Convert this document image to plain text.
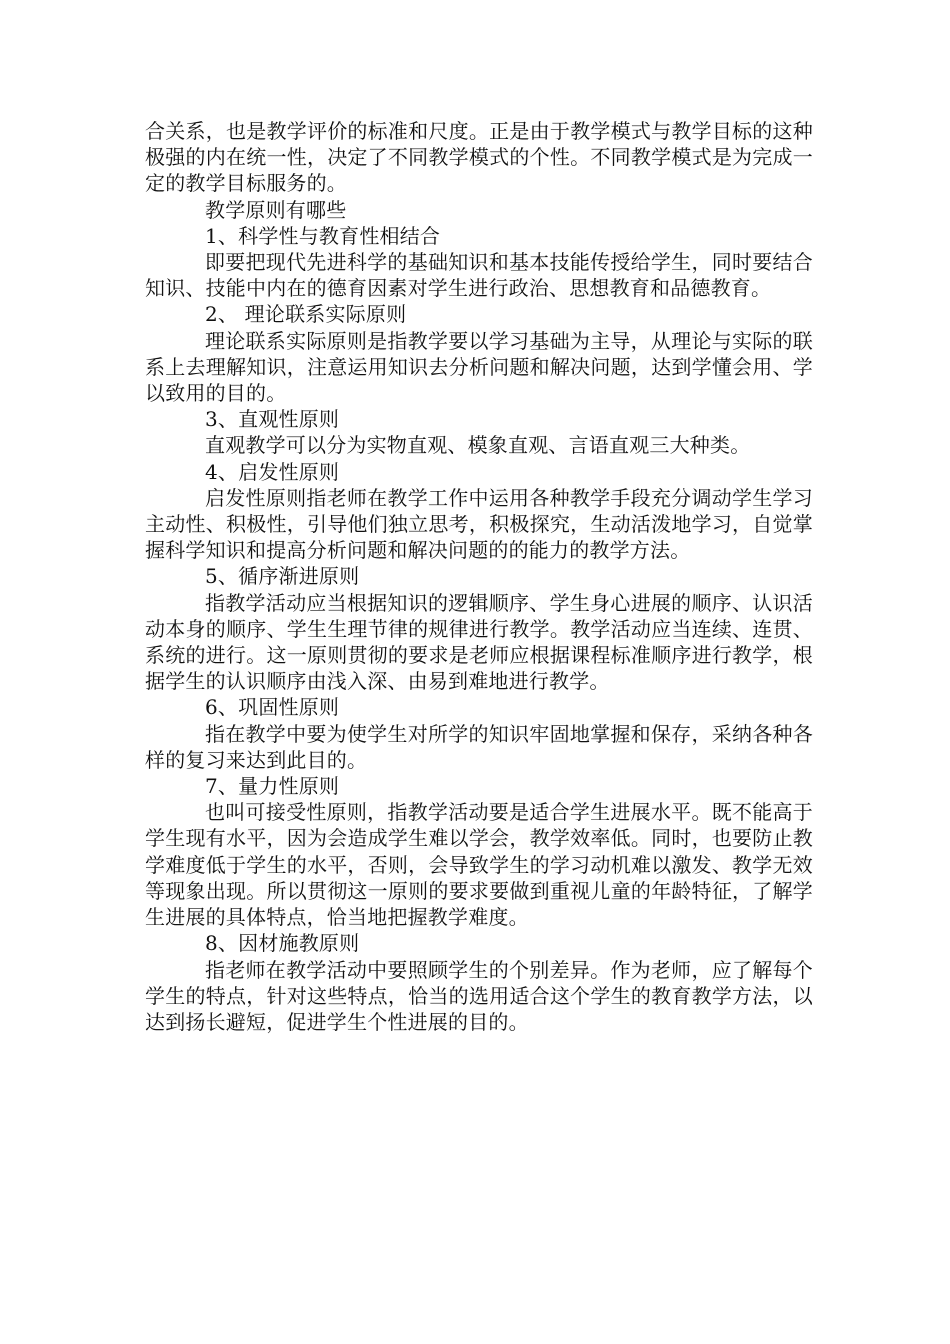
合关系，也是教学评价的标准和尺度。正是由于教学模式与教学目标的这种极强的内在统一性，决定了不同教学模式的个性。不同教学模式是为完成一定的教学目标服务的。

教学原则有哪些

1、科学性与教育性相结合

即要把现代先进科学的基础知识和基本技能传授给学生，同时要结合知识、技能中内在的德育因素对学生进行政治、思想教育和品德教育。

2、 理论联系实际原则

理论联系实际原则是指教学要以学习基础为主导，从理论与实际的联系上去理解知识，注意运用知识去分析问题和解决问题，达到学懂会用、学以致用的目的。

3、直观性原则

直观教学可以分为实物直观、模象直观、言语直观三大种类。

4、启发性原则

启发性原则指老师在教学工作中运用各种教学手段充分调动学生学习主动性、积极性，引导他们独立思考，积极探究，生动活泼地学习，自觉掌握科学知识和提高分析问题和解决问题的的能力的教学方法。

5、循序渐进原则

指教学活动应当根据知识的逻辑顺序、学生身心进展的顺序、认识活动本身的顺序、学生生理节律的规律进行教学。教学活动应当连续、连贯、系统的进行。这一原则贯彻的要求是老师应根据课程标准顺序进行教学，根据学生的认识顺序由浅入深、由易到难地进行教学。

6、巩固性原则

指在教学中要为使学生对所学的知识牢固地掌握和保存，采纳各种各样的复习来达到此目的。

7、量力性原则

也叫可接受性原则，指教学活动要是适合学生进展水平。既不能高于学生现有水平，因为会造成学生难以学会，教学效率低。同时，也要防止教学难度低于学生的水平，否则，会导致学生的学习动机难以激发、教学无效等现象出现。所以贯彻这一原则的要求要做到重视儿童的年龄特征，了解学生进展的具体特点，恰当地把握教学难度。

8、因材施教原则

指老师在教学活动中要照顾学生的个别差异。作为老师，应了解每个学生的特点，针对这些特点，恰当的选用适合这个学生的教育教学方法，以达到扬长避短，促进学生个性进展的目的。
